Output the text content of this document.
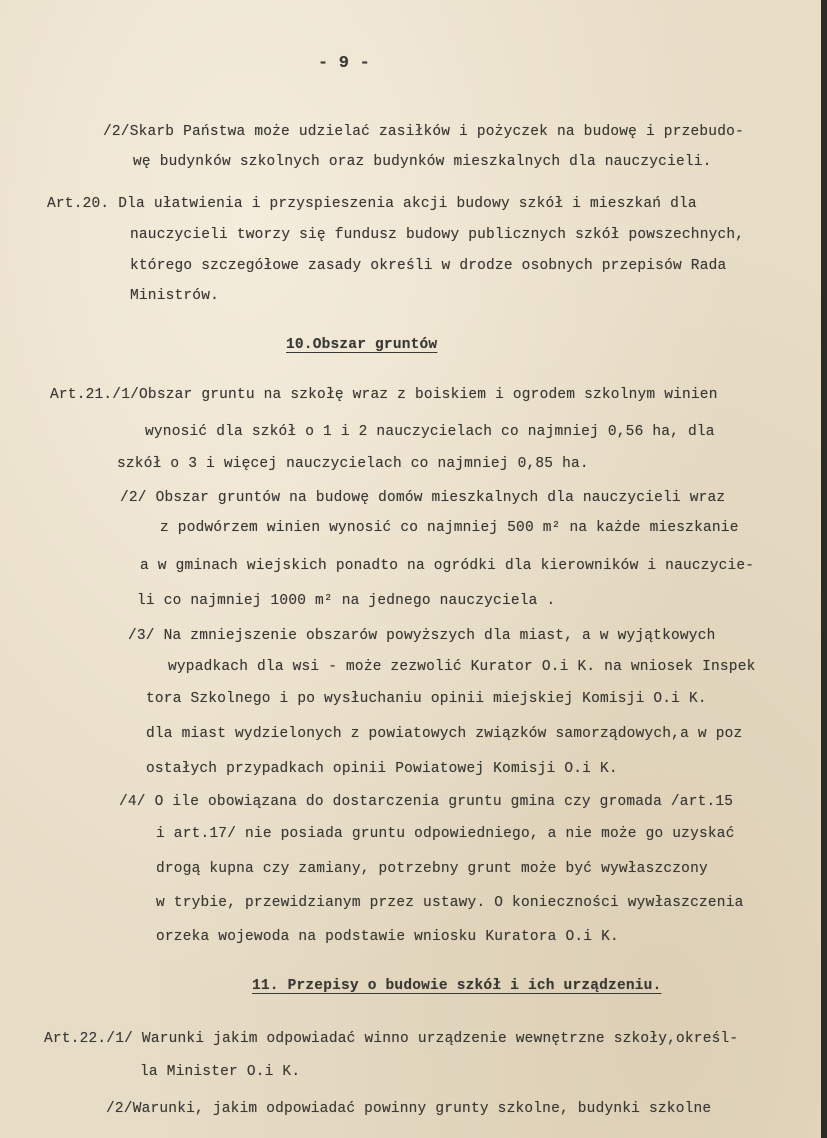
- 9 -
/2/Skarb Państwa może udzielać zasiłków i pożyczek na budowę i przebudo-
wę budynków szkolnych oraz budynków mieszkalnych dla nauczycieli.
Art.20. Dla ułatwienia i przyspieszenia akcji budowy szkół i mieszkań dla
nauczycieli tworzy się fundusz budowy publicznych szkół powszechnych,
którego szczegółowe zasady określi w drodze osobnych przepisów Rada
Ministrów.
10.Obszar gruntów
Art.21./1/Obszar gruntu na szkołę wraz z boiskiem i ogrodem szkolnym winien
wynosić dla szkół o 1 i 2 nauczycielach co najmniej 0,56 ha, dla
szkół o 3 i więcej nauczycielach co najmniej 0,85 ha.
/2/ Obszar gruntów na budowę domów mieszkalnych dla nauczycieli wraz
z podwórzem winien wynosić co najmniej 500 m² na każde mieszkanie
a w gminach wiejskich ponadto na ogródki dla kierowników i nauczycie-
li co najmniej 1000 m² na jednego nauczyciela .
/3/ Na zmniejszenie obszarów powyższych dla miast, a w wyjątkowych
wypadkach dla wsi - może zezwolić Kurator O.i K. na wniosek Inspek
tora Szkolnego i po wysłuchaniu opinii miejskiej Komisji O.i K.
dla miast wydzielonych z powiatowych związków samorządowych,a w poz
ostałych przypadkach opinii Powiatowej Komisji O.i K.
/4/ O ile obowiązana do dostarczenia gruntu gmina czy gromada /art.15
i art.17/ nie posiada gruntu odpowiedniego, a nie może go uzyskać
drogą kupna czy zamiany, potrzebny grunt może być wywłaszczony
w trybie, przewidzianym przez ustawy. O konieczności wywłaszczenia
orzeka wojewoda na podstawie wniosku Kuratora O.i K.
11. Przepisy o budowie szkół i ich urządzeniu.
Art.22./1/ Warunki jakim odpowiadać winno urządzenie wewnętrzne szkoły,określ-
la Minister O.i K.
/2/Warunki, jakim odpowiadać powinny grunty szkolne, budynki szkolne
